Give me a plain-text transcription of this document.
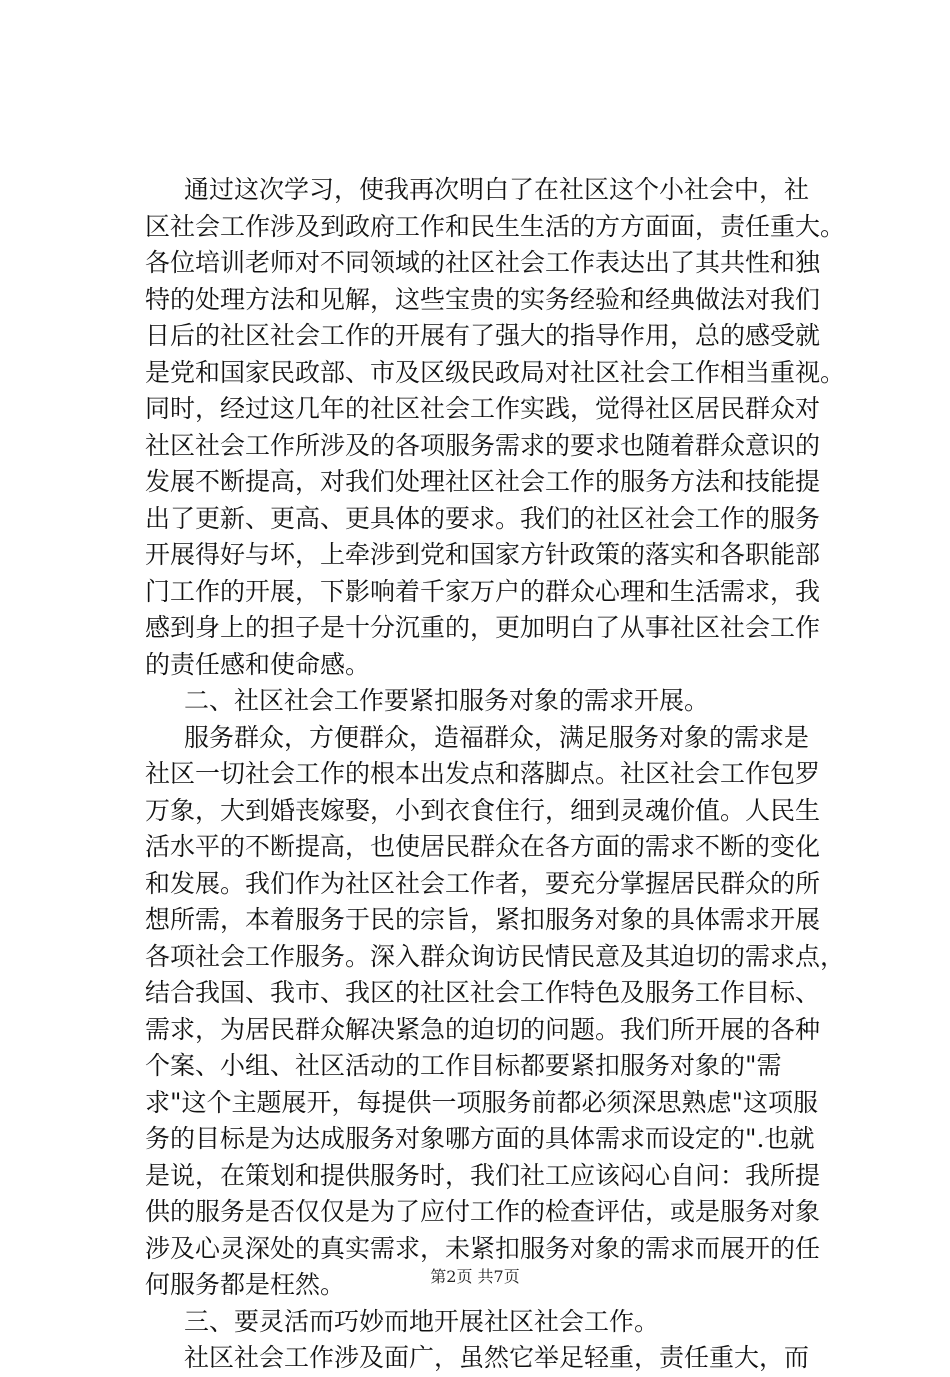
通过这次学习，使我再次明白了在社区这个小社会中，社
区社会工作涉及到政府工作和民生生活的方方面面，责任重大。
各位培训老师对不同领域的社区社会工作表达出了其共性和独
特的处理方法和见解，这些宝贵的实务经验和经典做法对我们
日后的社区社会工作的开展有了强大的指导作用，总的感受就
是党和国家民政部、市及区级民政局对社区社会工作相当重视。
同时，经过这几年的社区社会工作实践，觉得社区居民群众对
社区社会工作所涉及的各项服务需求的要求也随着群众意识的
发展不断提高，对我们处理社区社会工作的服务方法和技能提
出了更新、更高、更具体的要求。我们的社区社会工作的服务
开展得好与坏，上牵涉到党和国家方针政策的落实和各职能部
门工作的开展，下影响着千家万户的群众心理和生活需求，我
感到身上的担子是十分沉重的，更加明白了从事社区社会工作
的责任感和使命感。
二、社区社会工作要紧扣服务对象的需求开展。
服务群众，方便群众，造福群众，满足服务对象的需求是
社区一切社会工作的根本出发点和落脚点。社区社会工作包罗
万象，大到婚丧嫁娶，小到衣食住行，细到灵魂价值。人民生
活水平的不断提高，也使居民群众在各方面的需求不断的变化
和发展。我们作为社区社会工作者，要充分掌握居民群众的所
想所需，本着服务于民的宗旨，紧扣服务对象的具体需求开展
各项社会工作服务。深入群众询访民情民意及其迫切的需求点，
结合我国、我市、我区的社区社会工作特色及服务工作目标、
需求，为居民群众解决紧急的迫切的问题。我们所开展的各种
个案、小组、社区活动的工作目标都要紧扣服务对象的"需
求"这个主题展开，每提供一项服务前都必须深思熟虑"这项服
务的目标是为达成服务对象哪方面的具体需求而设定的".也就
是说，在策划和提供服务时，我们社工应该闷心自问：我所提
供的服务是否仅仅是为了应付工作的检查评估，或是服务对象
涉及心灵深处的真实需求，未紧扣服务对象的需求而展开的任
何服务都是枉然。
三、要灵活而巧妙而地开展社区社会工作。
社区社会工作涉及面广，虽然它举足轻重，责任重大，而
第2页 共7页
